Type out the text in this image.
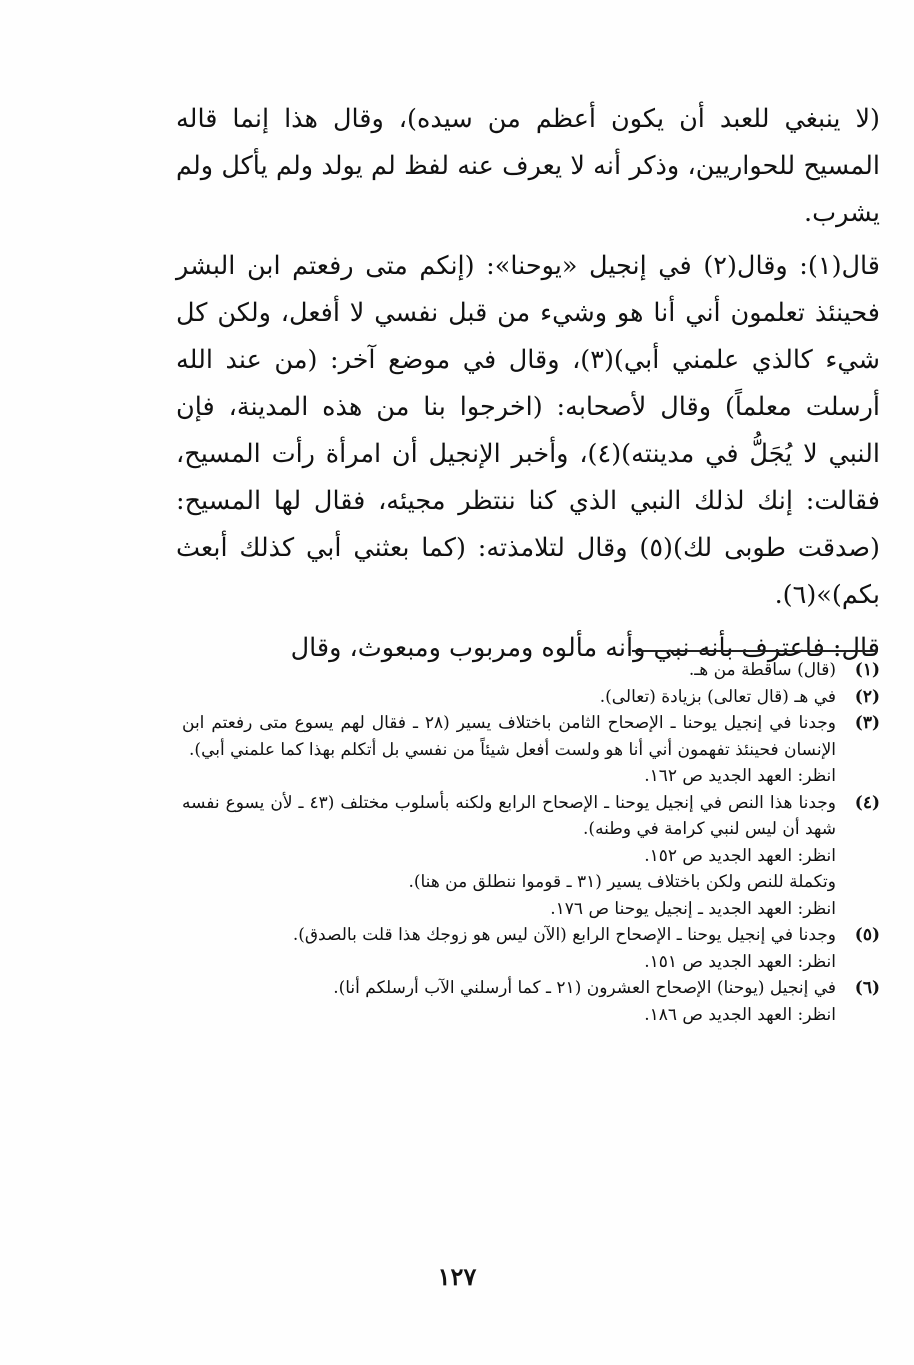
(لا ينبغي للعبد أن يكون أعظم من سيده)، وقال هذا إنما قاله المسيح للحواريين، وذكر أنه لا يعرف عنه لفظ لم يولد ولم يأكل ولم يشرب.

قال(١): وقال(٢) في إنجيل «يوحنا»: (إنكم متى رفعتم ابن البشر فحينئذ تعلمون أني أنا هو وشيء من قبل نفسي لا أفعل، ولكن كل شيء كالذي علمني أبي)(٣)، وقال في موضع آخر: (من عند الله أرسلت معلماً) وقال لأصحابه: (اخرجوا بنا من هذه المدينة، فإن النبي لا يُجَلُّ في مدينته)(٤)، وأخبر الإنجيل أن امرأة رأت المسيح، فقالت: إنك لذلك النبي الذي كنا ننتظر مجيئه، فقال لها المسيح: (صدقت طوبى لك)(٥) وقال لتلامذته: (كما بعثني أبي كذلك أبعث بكم)»(٦).

قال: فاعترف بأنه نبي وأنه مألوه ومربوب ومبعوث، وقال

(١)
(قال) ساقطة من هـ.
(٢)
في هـ (قال تعالى) بزيادة (تعالى).
(٣)
وجدنا في إنجيل يوحنا ـ الإصحاح الثامن باختلاف يسير (٢٨ ـ فقال لهم يسوع متى رفعتم ابن الإنسان فحينئذ تفهمون أني أنا هو ولست أفعل شيئاً من نفسي بل أتكلم بهذا كما علمني أبي).
انظر: العهد الجديد ص ١٦٢.
(٤)
وجدنا هذا النص في إنجيل يوحنا ـ الإصحاح الرابع ولكنه بأسلوب مختلف (٤٣ ـ لأن يسوع نفسه شهد أن ليس لنبي كرامة في وطنه).
انظر: العهد الجديد ص ١٥٢.
وتكملة للنص ولكن باختلاف يسير (٣١ ـ قوموا ننطلق من هنا).
انظر: العهد الجديد ـ إنجيل يوحنا ص ١٧٦.
(٥)
وجدنا في إنجيل يوحنا ـ الإصحاح الرابع (الآن ليس هو زوجك هذا قلت بالصدق).
انظر: العهد الجديد ص ١٥١.
(٦)
في إنجيل (يوحنا) الإصحاح العشرون (٢١ ـ كما أرسلني الآب أرسلكم أنا).
انظر: العهد الجديد ص ١٨٦.
١٢٧
